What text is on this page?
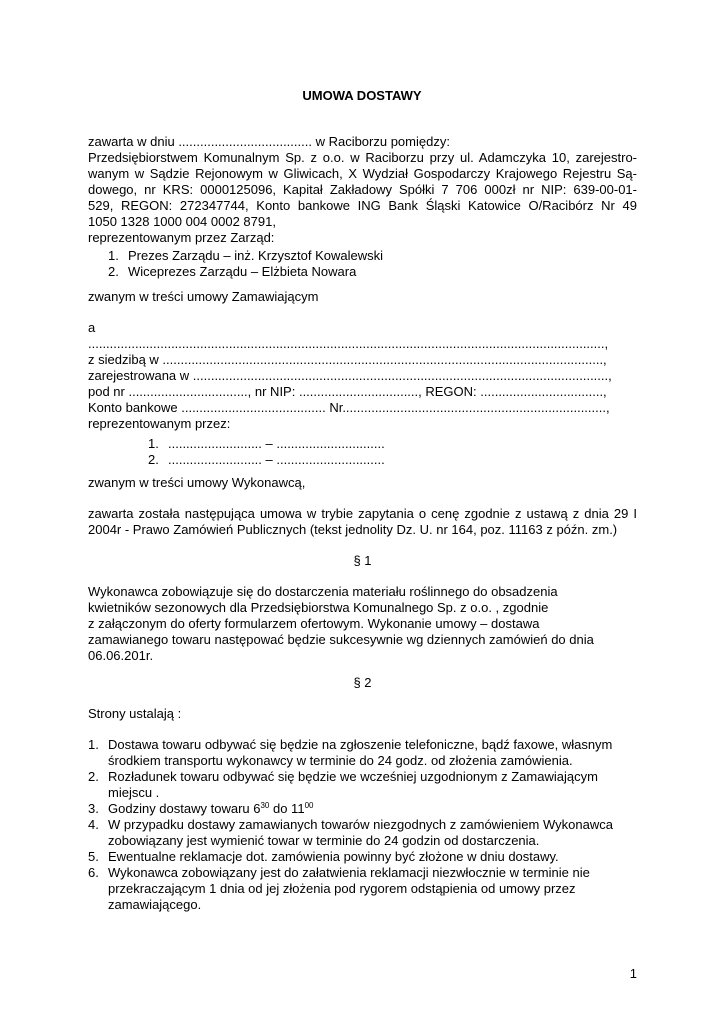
UMOWA DOSTAWY
zawarta w dniu ..................................... w Raciborzu pomiędzy:
Przedsiębiorstwem Komunalnym Sp. z o.o. w Raciborzu przy ul. Adamczyka 10, zarejestro-
wanym w Sądzie Rejonowym w Gliwicach, X Wydział Gospodarczy Krajowego Rejestru Są-
dowego, nr KRS: 0000125096, Kapitał Zakładowy Spółki 7 706 000zł nr NIP: 639-00-01-
529, REGON: 272347744, Konto bankowe ING Bank Śląski Katowice O/Racibórz Nr 49
1050 1328 1000 004 0002 8791,
reprezentowanym przez Zarząd:
1. Prezes Zarządu – inż. Krzysztof Kowalewski
2. Wiceprezes Zarządu – Elżbieta Nowara
zwanym w treści umowy Zamawiającym
a
...............................................................................................................................................,
z siedzibą w ..........................................................................................................................,
zarejestrowana w ...................................................................................................................,
pod nr ................................., nr NIP: ................................., REGON: ..................................,
Konto bankowe ........................................ Nr.........................................................................,
reprezentowanym przez:
1. .......................... – ..............................
2. .......................... – ..............................
zwanym w treści umowy Wykonawcą,
zawarta została następująca umowa w trybie zapytania o cenę zgodnie z ustawą z dnia 29 I
2004r - Prawo Zamówień Publicznych (tekst jednolity Dz. U. nr 164, poz. 11163 z późn. zm.)
§ 1
Wykonawca zobowiązuje się do dostarczenia materiału roślinnego do obsadzenia
kwietników sezonowych dla Przedsiębiorstwa Komunalnego Sp. z o.o. , zgodnie
z załączonym do oferty formularzem ofertowym. Wykonanie umowy – dostawa
zamawianego towaru następować będzie sukcesywnie wg dziennych zamówień do dnia
06.06.201r.
§ 2
Strony ustalają :
1. Dostawa towaru odbywać się będzie na zgłoszenie telefoniczne, bądź faxowe, własnym
środkiem transportu wykonawcy w terminie do 24 godz. od złożenia zamówienia.
2. Rozładunek towaru odbywać się będzie we wcześniej uzgodnionym z Zamawiającym
miejscu .
3. Godziny dostawy towaru $6^{30}$ do $11^{00}$
4. W przypadku dostawy zamawianych towarów niezgodnych z zamówieniem Wykonawca
zobowiązany jest wymienić towar w terminie do 24 godzin od dostarczenia.
5. Ewentualne reklamacje dot. zamówienia powinny być złożone w dniu dostawy.
6. Wykonawca zobowiązany jest do załatwienia reklamacji niezwłocznie w terminie nie
przekraczającym 1 dnia od jej złożenia pod rygorem odstąpienia od umowy przez
zamawiającego.
1
